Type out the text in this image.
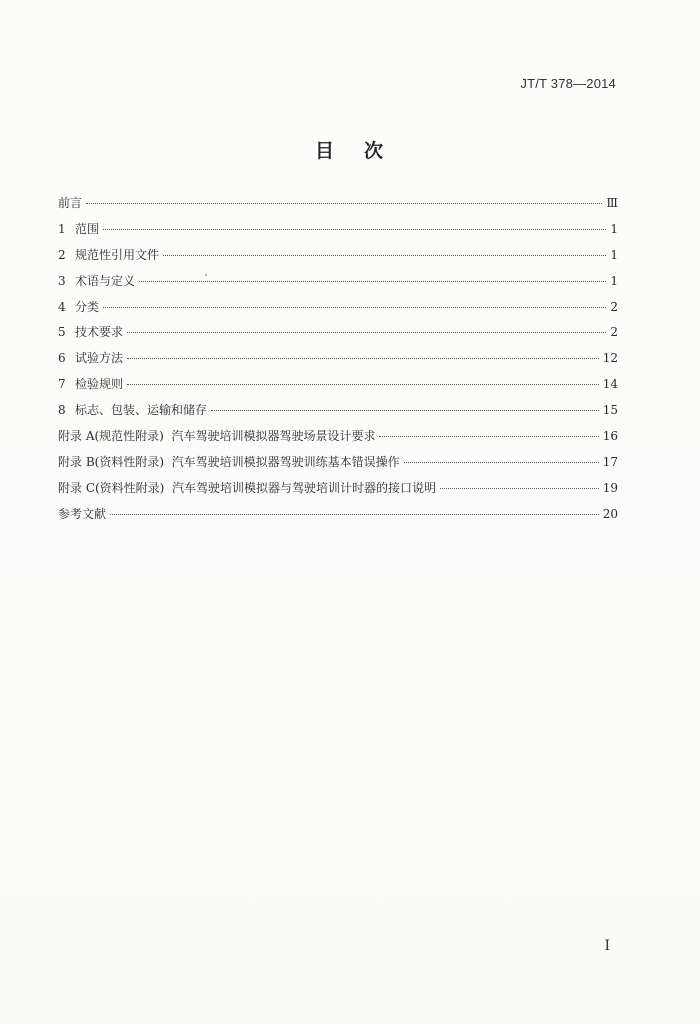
JT/T 378—2014
目 次
前言	Ⅲ
1 范围	1
2 规范性引用文件	1
3 术语与定义	1
4 分类	2
5 技术要求	2
6 试验方法	12
7 检验规则	14
8 标志、包装、运输和储存	15
附录 A(规范性附录)  汽车驾驶培训模拟器驾驶场景设计要求	16
附录 B(资料性附录)  汽车驾驶培训模拟器驾驶训练基本错误操作	17
附录 C(资料性附录)  汽车驾驶培训模拟器与驾驶培训计时器的接口说明	19
参考文献	20
I
